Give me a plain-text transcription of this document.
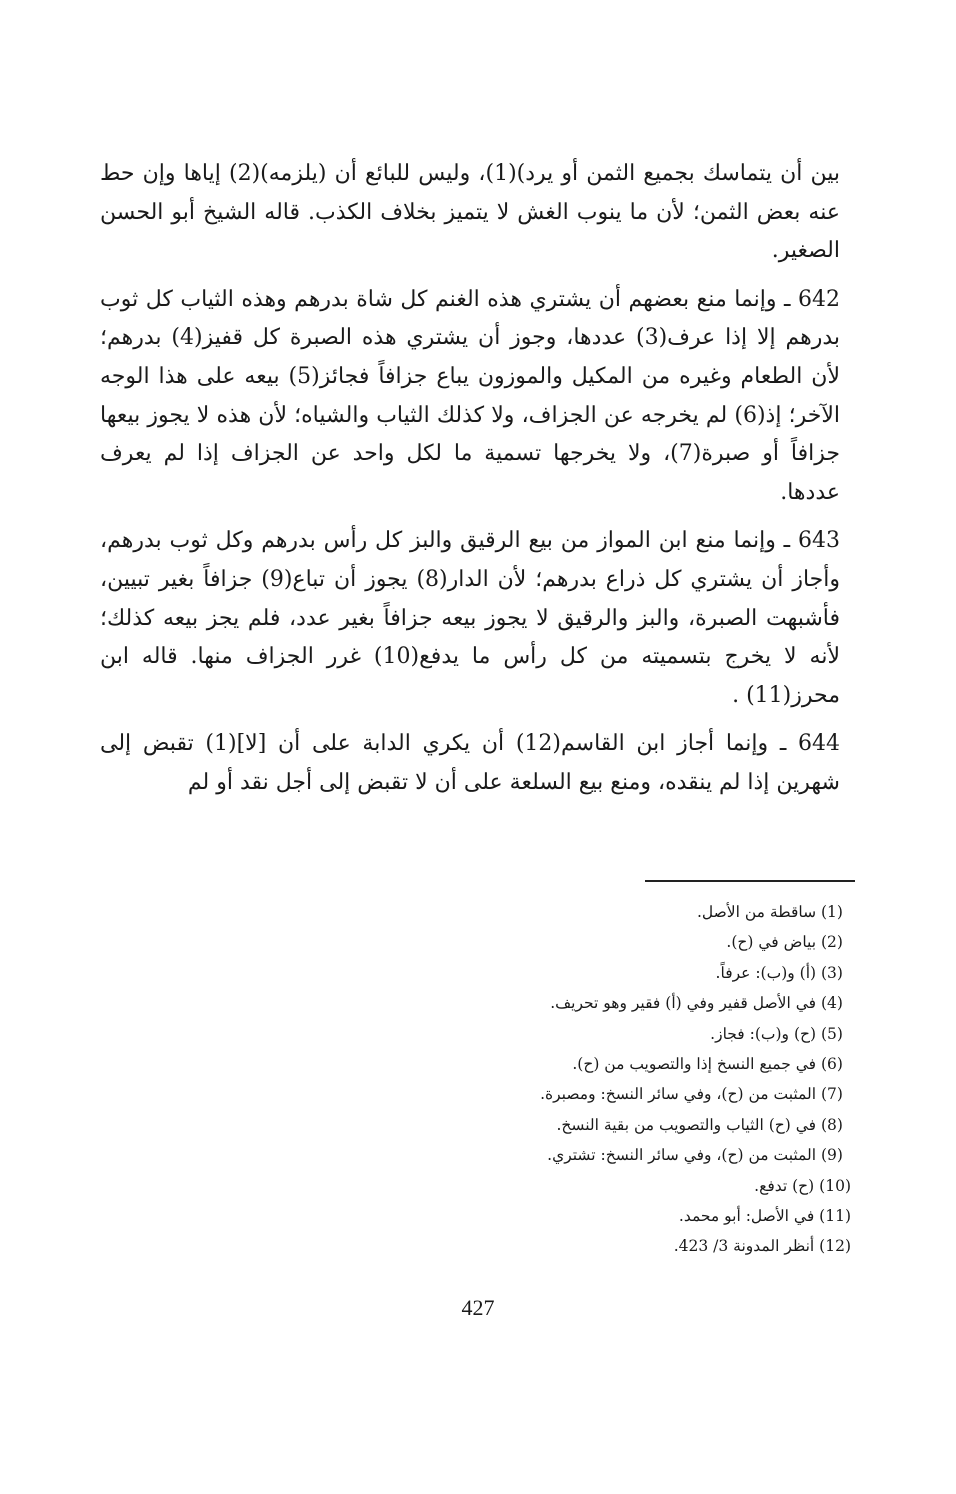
بين أن يتماسك بجميع الثمن أو يرد)(1)، وليس للبائع أن (يلزمه)(2) إياها وإن حط عنه بعض الثمن؛ لأن ما ينوب الغش لا يتميز بخلاف الكذب. قاله الشيخ أبو الحسن الصغير.

642 ـ وإنما منع بعضهم أن يشتري هذه الغنم كل شاة بدرهم وهذه الثياب كل ثوب بدرهم إلا إذا عرف(3) عددها، وجوز أن يشتري هذه الصبرة كل قفيز(4) بدرهم؛ لأن الطعام وغيره من المكيل والموزون يباع جزافاً فجائز(5) بيعه على هذا الوجه الآخر؛ إذ(6) لم يخرجه عن الجزاف، ولا كذلك الثياب والشياه؛ لأن هذه لا يجوز بيعها جزافاً أو صبرة(7)، ولا يخرجها تسمية ما لكل واحد عن الجزاف إذا لم يعرف عددها.

643 ـ وإنما منع ابن المواز من بيع الرقيق والبز كل رأس بدرهم وكل ثوب بدرهم، وأجاز أن يشتري كل ذراع بدرهم؛ لأن الدار(8) يجوز أن تباع(9) جزافاً بغير تبيين، فأشبهت الصبرة، والبز والرقيق لا يجوز بيعه جزافاً بغير عدد، فلم يجز بيعه كذلك؛ لأنه لا يخرج بتسميته من كل رأس ما يدفع(10) غرر الجزاف منها. قاله ابن محرز(11) .

644 ـ وإنما أجاز ابن القاسم(12) أن يكري الدابة على أن [لا](1) تقبض إلى شهرين إذا لم ينقده، ومنع بيع السلعة على أن لا تقبض إلى أجل نقد أو لم

(1) ساقطة من الأصل.
(2) بياض في (ح).
(3) (أ) و(ب): عرفاً.
(4) في الأصل قفير وفي (أ) فقير وهو تحريف.
(5) (ح) و(ب): فجاز.
(6) في جميع النسخ إذا والتصويب من (ح).
(7) المثبت من (ح)، وفي سائر النسخ: ومصبرة.
(8) في (ح) الثياب والتصويب من بقية النسخ.
(9) المثبت من (ح)، وفي سائر النسخ: تشتري.
(10) (ح) تدفع.
(11) في الأصل: أبو محمد.
(12) أنظر المدونة 3/ 423.
427
